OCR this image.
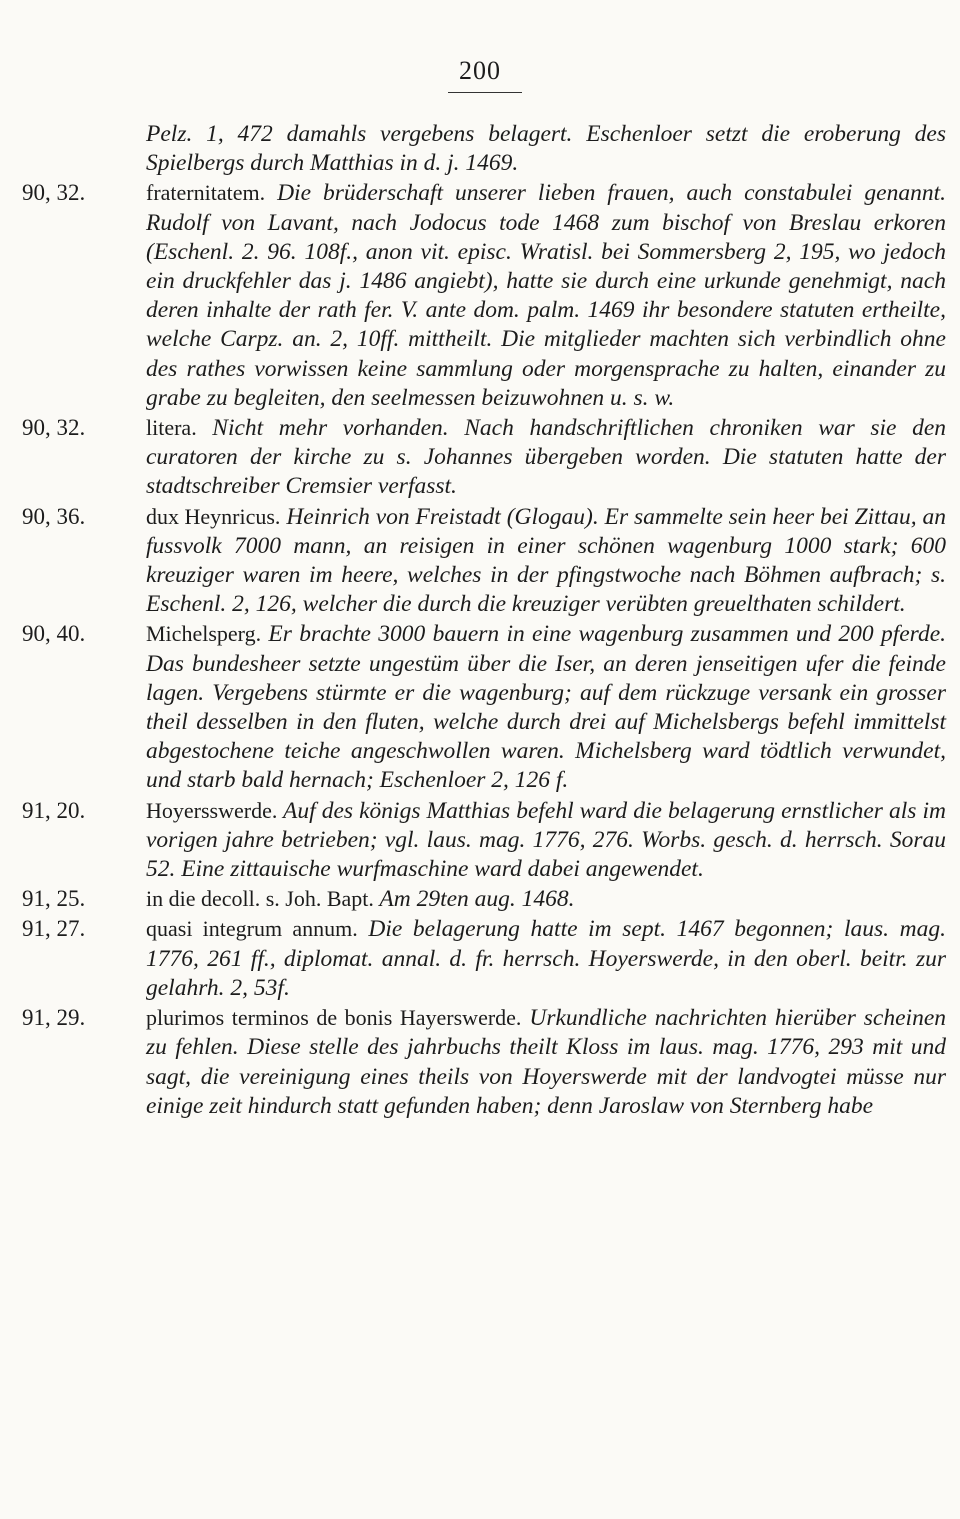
200
Pelz. 1, 472 damahls vergebens belagert. Eschenloer setzt die eroberung des Spielbergs durch Matthias in d. j. 1469.
90, 32.	fraternitatem. Die brüderschaft unserer lieben frauen, auch constabulei genannt. Rudolf von Lavant, nach Jodocus tode 1468 zum bischof von Breslau erkoren (Eschenl. 2. 96. 108f., anon vit. episc. Wratisl. bei Sommersberg 2, 195, wo jedoch ein druckfehler das j. 1486 angiebt), hatte sie durch eine urkunde genehmigt, nach deren inhalte der rath fer. V. ante dom. palm. 1469 ihr besondere statuten ertheilte, welche Carpz. an. 2, 10ff. mittheilt. Die mitglieder machten sich verbindlich ohne des rathes vorwissen keine sammlung oder morgensprache zu halten, einander zu grabe zu begleiten, den seelmessen beizuwohnen u. s. w.
90, 32.	litera. Nicht mehr vorhanden. Nach handschriftlichen chroniken war sie den curatoren der kirche zu s. Johannes übergeben worden. Die statuten hatte der stadtschreiber Cremsier verfasst.
90, 36.	dux Heynricus. Heinrich von Freistadt (Glogau). Er sammelte sein heer bei Zittau, an fussvolk 7000 mann, an reisigen in einer schönen wagenburg 1000 stark; 600 kreuziger waren im heere, welches in der pfingstwoche nach Böhmen aufbrach; s. Eschenl. 2, 126, welcher die durch die kreuziger verübten greuelthaten schildert.
90, 40.	Michelsperg. Er brachte 3000 bauern in eine wagenburg zusammen und 200 pferde. Das bundesheer setzte ungestüm über die Iser, an deren jenseitigen ufer die feinde lagen. Vergebens stürmte er die wagenburg; auf dem rückzuge versank ein grosser theil desselben in den fluten, welche durch drei auf Michelsbergs befehl immittelst abgestochene teiche angeschwollen waren. Michelsberg ward tödtlich verwundet, und starb bald hernach; Eschenloer 2, 126 f.
91, 20.	Hoyersswerde. Auf des königs Matthias befehl ward die belagerung ernstlicher als im vorigen jahre betrieben; vgl. laus. mag. 1776, 276. Worbs. gesch. d. herrsch. Sorau 52. Eine zittauische wurfmaschine ward dabei angewendet.
91, 25.	in die decoll. s. Joh. Bapt. Am 29ten aug. 1468.
91, 27.	quasi integrum annum. Die belagerung hatte im sept. 1467 begonnen; laus. mag. 1776, 261 ff., diplomat. annal. d. fr. herrsch. Hoyerswerde, in den oberl. beitr. zur gelahrh. 2, 53f.
91, 29.	plurimos terminos de bonis Hayerswerde. Urkundliche nachrichten hierüber scheinen zu fehlen. Diese stelle des jahrbuchs theilt Kloss im laus. mag. 1776, 293 mit und sagt, die vereinigung eines theils von Hoyerswerde mit der landvogtei müsse nur einige zeit hindurch statt gefunden haben; denn Jaroslaw von Sternberg habe
